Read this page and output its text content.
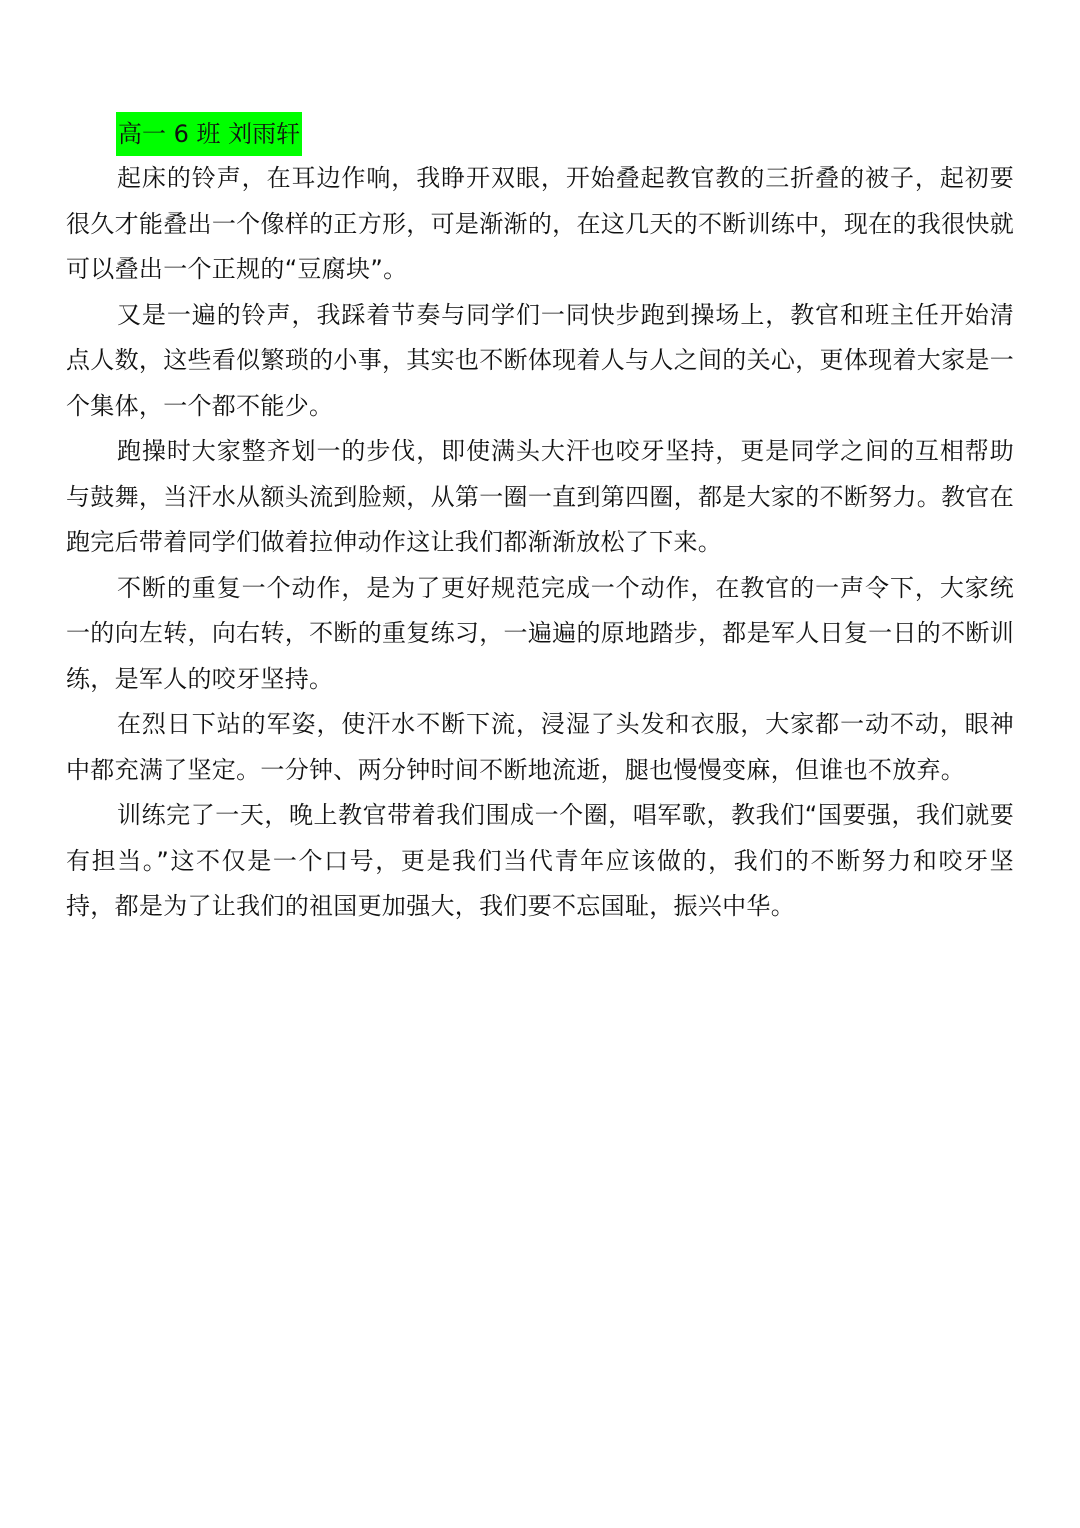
高一 6 班 刘雨轩

起床的铃声，在耳边作响，我睁开双眼，开始叠起教官教的三折叠的被子，起初要很久才能叠出一个像样的正方形，可是渐渐的，在这几天的不断训练中，现在的我很快就可以叠出一个正规的“豆腐块”。

又是一遍的铃声，我踩着节奏与同学们一同快步跑到操场上，教官和班主任开始清点人数，这些看似繁琐的小事，其实也不断体现着人与人之间的关心，更体现着大家是一个集体，一个都不能少。

跑操时大家整齐划一的步伐，即使满头大汗也咬牙坚持，更是同学之间的互相帮助与鼓舞，当汗水从额头流到脸颊，从第一圈一直到第四圈，都是大家的不断努力。教官在跑完后带着同学们做着拉伸动作这让我们都渐渐放松了下来。

不断的重复一个动作，是为了更好规范完成一个动作，在教官的一声令下，大家统一的向左转，向右转，不断的重复练习，一遍遍的原地踏步，都是军人日复一日的不断训练，是军人的咬牙坚持。

在烈日下站的军姿，使汗水不断下流，浸湿了头发和衣服，大家都一动不动，眼神中都充满了坚定。一分钟、两分钟时间不断地流逝，腿也慢慢变麻，但谁也不放弃。

训练完了一天，晚上教官带着我们围成一个圈，唱军歌，教我们“国要强，我们就要有担当。”这不仅是一个口号，更是我们当代青年应该做的，我们的不断努力和咬牙坚持，都是为了让我们的祖国更加强大，我们要不忘国耻，振兴中华。
